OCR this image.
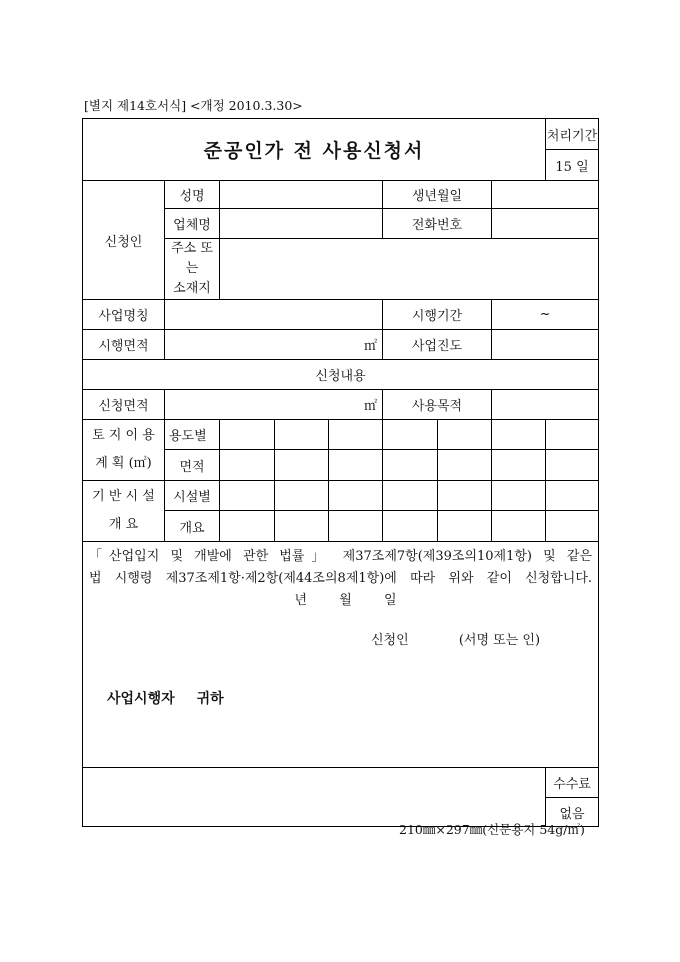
[별지 제14호서식] <개정 2010.3.30>
준공인가 전 사용신청서								처리기간
								15 일
신청인	성명				생년월일			
	업체명				전화번호			

	주소 또는
소재지							

사업명칭					시행기간		~	
시행면적	㎡				사업진도			
신청내용								
신청면적	㎡				사용목적			

토 지 이 용
계 획 (㎡)	용도별							
	면적							

기 반 시 설
개 요	시설별							
	개요							

「산업입지 및 개발에 관한 법률」 제37조제7항(제39조의10제1항) 및 같은
법 시행령 제37조제1항·제2항(제44조의8제1항)에 따라 위와 같이 신청합니다.
년 월 일
신청인 (서명 또는 인)
사업시행자 귀하								

								수수료
								없음
210㎜×297㎜(신문용지 54g/㎡)
